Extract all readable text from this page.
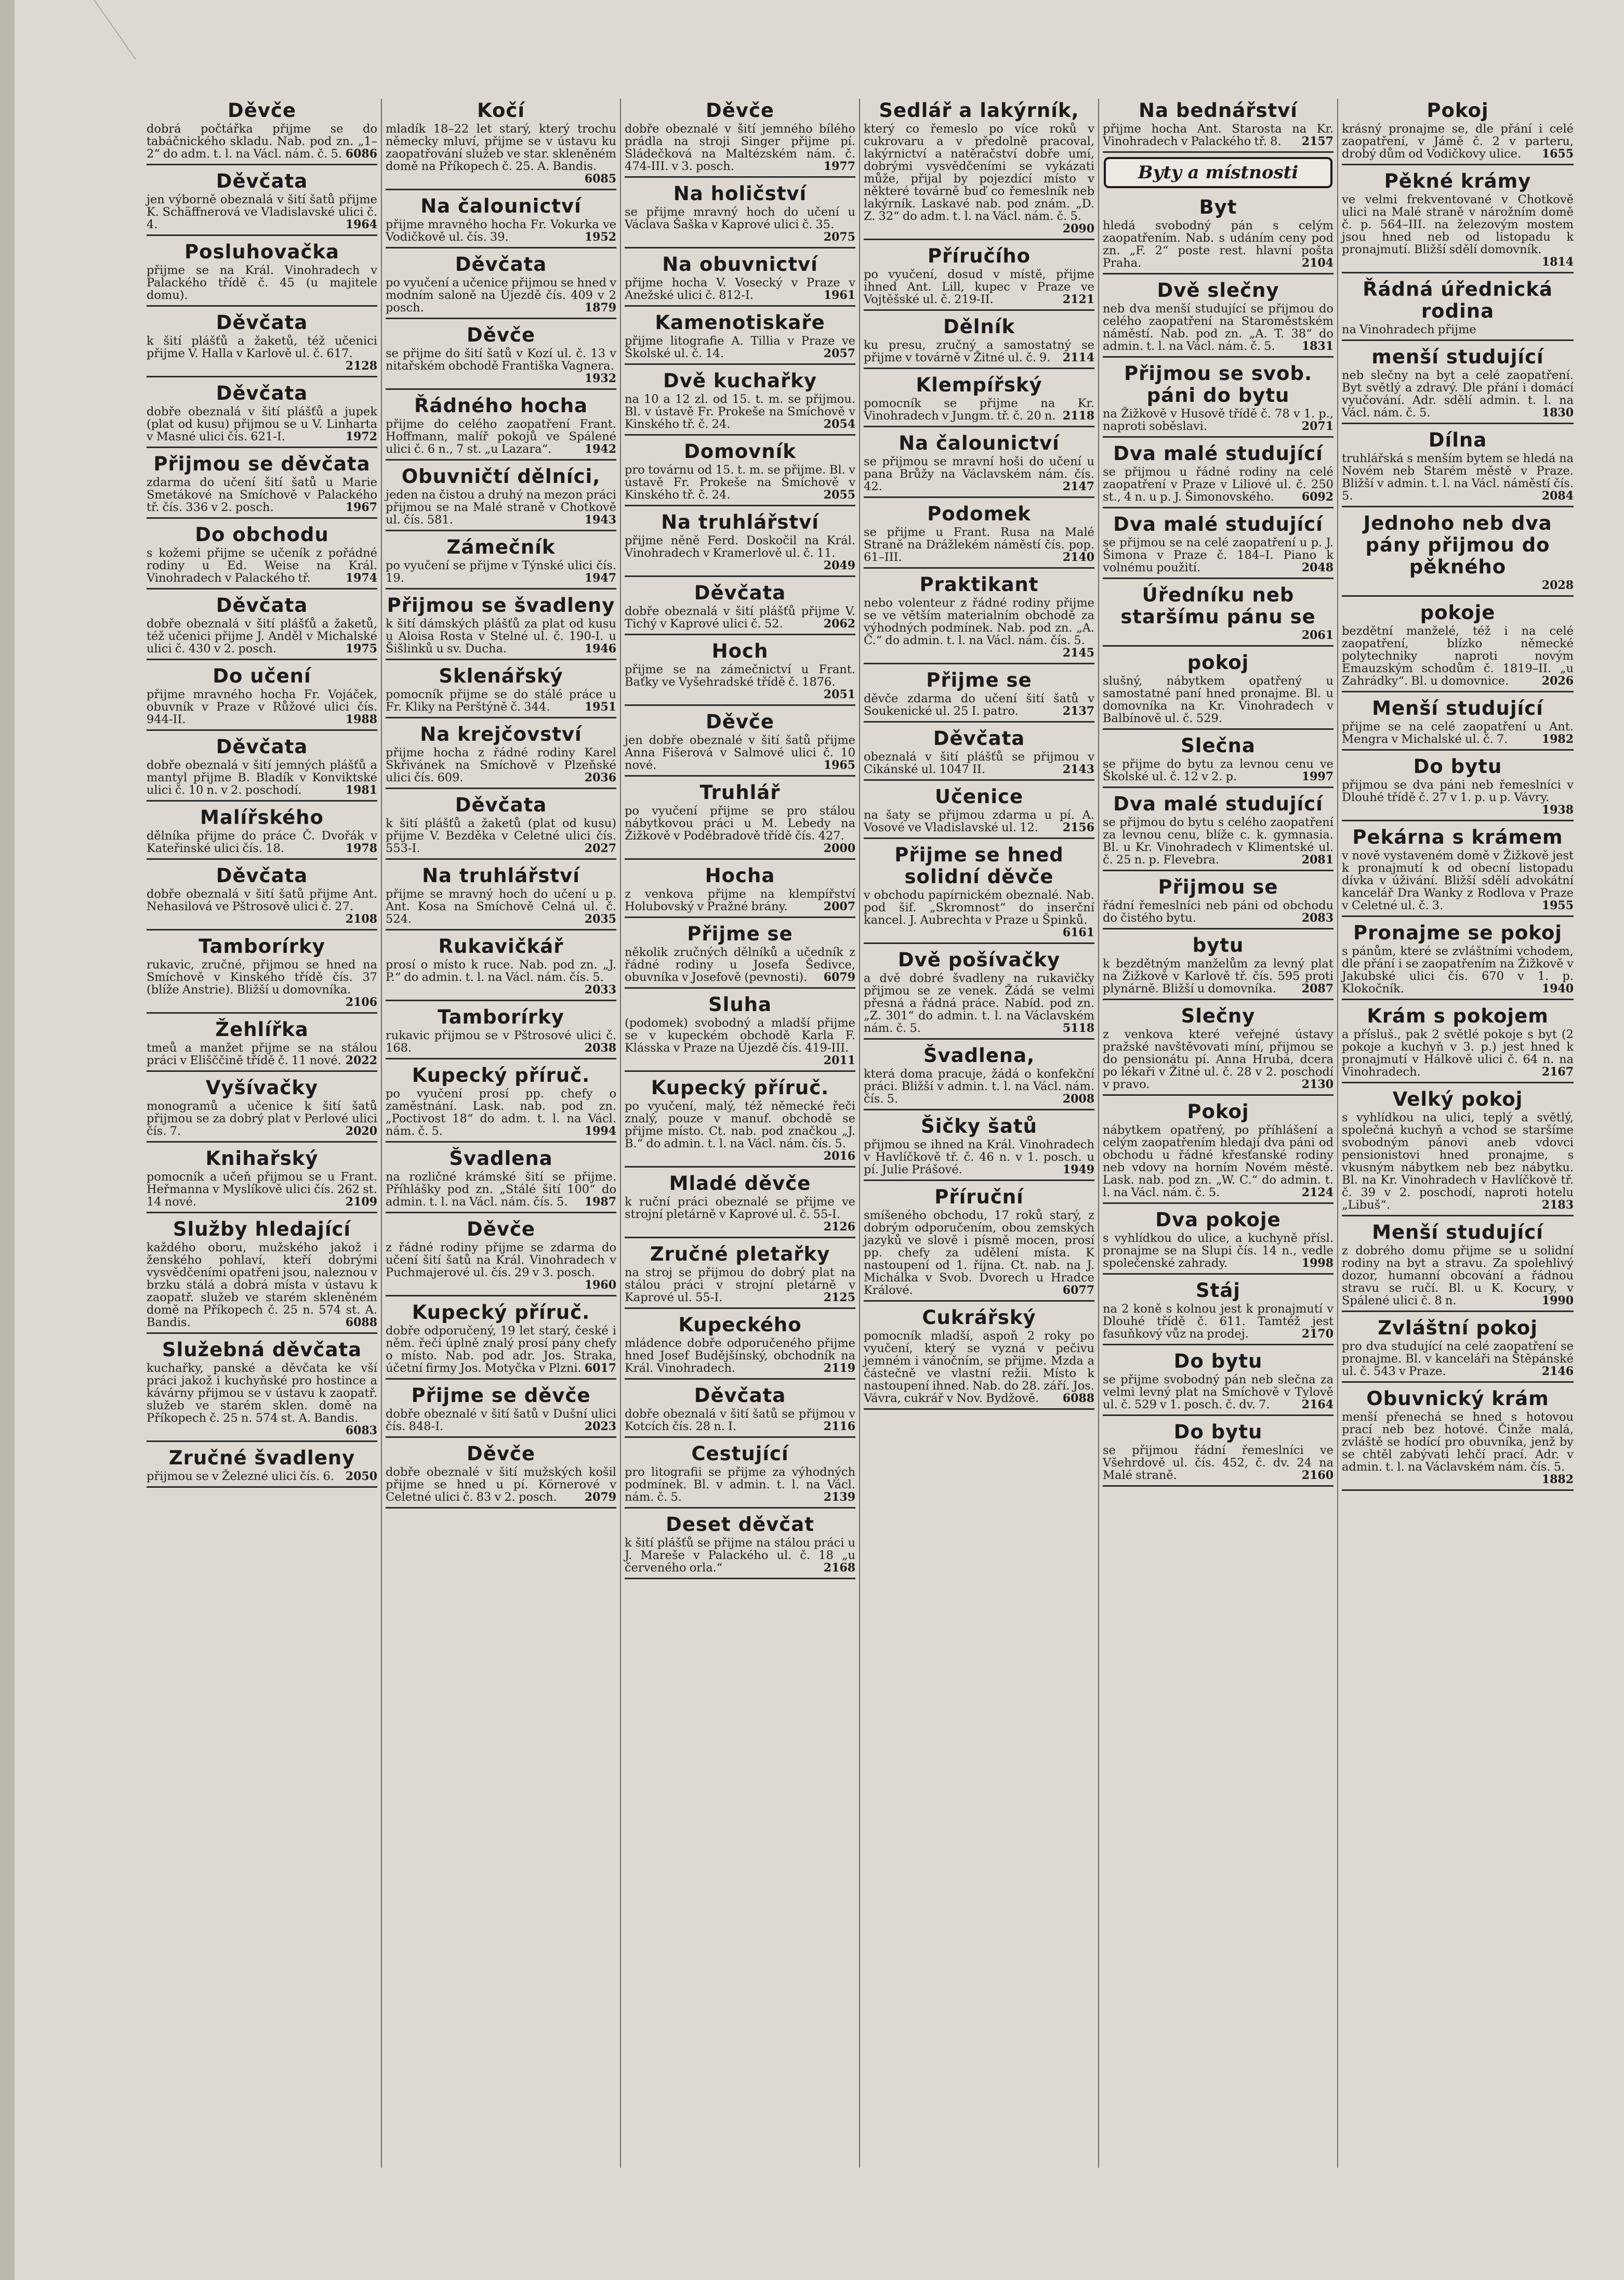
Děvče
dobrá počtářka přijme se do tabáčnického skladu. Nab. pod zn. „1–2“ do adm. t. l. na Václ. nám. č. 5. 6086
Děvčata
jen výborně obeznalá v šití šatů přijme K. Schäffnerová ve Vladislavské ulici č. 4.	1964
Posluhovačka
přijme se na Král. Vinohradech v Palackého třídě č. 45 (u majitele domu).
Děvčata
k šití plášťů a žaketů, též učenici přijme V. Halla v Karlově ul. č. 617.
2128
Děvčata
dobře obeznalá v šití plášťů a jupek (plat od kusu) přijmou se u V. Linharta v Masné ulici čís. 621-I.	1972
Přijmou se děvčata
zdarma do učení šití šatů u Marie Smetákové na Smíchově v Palackého tř. čís. 336 v 2. posch.	1967
Do obchodu
s kožemi přijme se učeník z pořádné rodiny u Ed. Weise na Král. Vinohradech v Palackého tř.	1974
Děvčata
dobře obeznalá v šití plášťů a žaketů, též učenici přijme J. Anděl v Michalské ulici č. 430 v 2. posch.	1975
Do učení
přijme mravného hocha Fr. Vojáček, obuvník v Praze v Růžové ulici čís. 944-II.	1988
Děvčata
dobře obeznalá v šití jemných plášťů a mantyl přijme B. Bladík v Konviktské ulici č. 10 n. v 2. poschodí.	1981
Malířského
dělníka přijme do práce Č. Dvořák v Kateřinské ulici čís. 18.	1978
Děvčata
dobře obeznalá v šití šatů přijme Ant. Nehasilová ve Pštrosově ulici č. 27.
2108
Tamborírky
rukavic, zručné, přijmou se hned na Smíchově v Kinského třídě čís. 37 (blíže Anstrie). Bližší u domovníka.
2106
Žehlířka
tmeů a manžet přijme se na stálou práci v Elišččině třídě č. 11 nové. 2022
Vyšívačky
monogramů a učenice k šití šatů přijmou se za dobrý plat v Perlové ulici čís. 7.	2020
Knihařský
pomocník a učeň přijmou se u Frant. Heřmanna v Myslíkově ulici čís. 262 st. 14 nové.	2109
Služby hledající
každého oboru, mužského jakož i ženského pohlaví, kteří dobrými vysvědčeními opatřeni jsou, naleznou v brzku stálá a dobrá místa v ústavu k zaopatř. služeb ve starém skleněném domě na Příkopech č. 25 n. 574 st. A. Bandis.	6088
Služebná děvčata
kuchařky, panské a děvčata ke vší práci jakož i kuchyňské pro hostince a kávárny přijmou se v ústavu k zaopatř. služeb ve starém sklen. domě na Příkopech č. 25 n. 574 st. A. Bandis.
6083
Zručné švadleny
přijmou se v Železné ulici čís. 6. 2050
Kočí
mladík 18–22 let starý, který trochu německy mluví, přijme se v ústavu ku zaopatřování služeb ve star. skleněném domě na Příkopech č. 25. A. Bandis.
6085
Na čalounictví
přijme mravného hocha Fr. Vokurka ve Vodičkově ul. čís. 39.	1952
Děvčata
po vyučení a učenice přijmou se hned v modním saloně na Újezdě čís. 409 v 2 posch.	1879
Děvče
se přijme do šití šatů v Kozí ul. č. 13 v nitařském obchodě Františka Vagnera.
1932
Řádného hocha
přijme do celého zaopatření Frant. Hoffmann, malíř pokojů ve Spálené ulici č. 6 n., 7 st. „u Lazara“.	1942
Obuvničtí dělníci,
jeden na čistou a druhý na mezon práci přijmou se na Malé straně v Chotkově ul. čís. 581.	1943
Zámečník
po vyučení se přijme v Týnské ulici čís. 19.	1947
Přijmou se švadleny
k šití dámských plášťů za plat od kusu u Aloisa Rosta v Stelné ul. č. 190-I. u Šišlinků u sv. Ducha.	1946
Sklenářský
pomocník přijme se do stálé práce u Fr. Kliky na Perštýně č. 344.	1951
Na krejčovství
přijme hocha z řádné rodiny Karel Skřivánek na Smíchově v Plzeňské ulici čís. 609.	2036
Děvčata
k šití plášťů a žaketů (plat od kusu) přijme V. Bezděka v Celetné ulici čís. 553-I.	2027
Na truhlářství
přijme se mravný hoch do učení u p. Ant. Kosa na Smíchově Celná ul. č. 524.	2035
Rukavičkář
prosí o místo k ruce. Nab. pod zn. „J. P.“ do admin. t. l. na Václ. nám. čís. 5.
2033
Tamborírky
rukavic přijmou se v Pštrosové ulici č. 168.	2038
Kupecký příruč.
po vyučení prosí pp. chefy o zaměstnání. Lask. nab. pod zn. „Poctivost 18“ do adm. t. l. na Václ. nám. č. 5.	1994
Švadlena
na rozličné krámské šití se přijme. Příhlášky pod zn. „Stálé šití 100“ do admin. t. l. na Václ. nám. čís. 5. 1987
Děvče
z řádné rodiny přijme se zdarma do učení šití šatů na Král. Vinohradech v Puchmajerové ul. čís. 29 v 3. posch.
1960
Kupecký příruč.
dobře odporučený, 19 let starý, české i něm. řeči úplně znalý prosí pány chefy o místo. Nab. pod adr. Jos. Straka, účetní firmy Jos. Motyčka v Plzni. 6017
Přijme se děvče
dobře obeznalé v šití šatů v Dušní ulici čís. 848-I.	2023
Děvče
dobře obeznalé v šití mužských košil přijme se hned u pí. Körnerové v Celetné ulici č. 83 v 2. posch. 2079
Děvče
dobře obeznalé v šití jemného bílého prádla na stroji Singer přijme pí. Sládečková na Maltézském nám. č. 474-III. v 3. posch.	1977
Na holičství
se přijme mravný hoch do učení u Václava Šaška v Kaprové ulici č. 35.
2075
Na obuvnictví
přijme hocha V. Vosecký v Praze v Anežské ulici č. 812-I.	1961
Kamenotiskaře
přijme litografie A. Tillia v Praze ve Školské ul. č. 14.	2057
Dvě kuchařky
na 10 a 12 zl. od 15. t. m. se přijmou. Bl. v ústavě Fr. Prokeše na Smíchově v Kinského tř. č. 24.	2054
Domovník
pro továrnu od 15. t. m. se přijme. Bl. v ústavě Fr. Prokeše na Smíchově v Kinského tř. č. 24.	2055
Na truhlářství
přijme něně Ferd. Doskočil na Král. Vinohradech v Kramerlově ul. č. 11.
2049
Děvčata
dobře obeznalá v šití plášťů přijme V. Tichý v Kaprové ulici č. 52.	2062
Hoch
přijme se na zámečnictví u Frant. Baťky ve Vyšehradské třídě č. 1876.
2051
Děvče
jen dobře obeznalé v šití šatů přijme Anna Fišerová v Salmové ulici č. 10 nové.	1965
Truhlář
po vyučení přijme se pro stálou nábytkovou práci u M. Lebedy na Žižkově v Poděbradově třídě čís. 427.
2000
Hocha
z venkova přijme na klempířství Holubovský v Pražné brány.	2007
Přijme se
několik zručných dělníků a učedník z řádné rodiny u Josefa Šedivce, obuvníka v Josefově (pevnosti). 6079
Sluha
(podomek) svobodný a mladší přijme se v kupeckém obchodě Karla F. Klásska v Praze na Újezdě čís. 419-III.
2011
Kupecký příruč.
po vyučení, malý, též německé řeči znalý, pouze v manuf. obchodě se přijme místo. Ct. nab. pod značkou „J. B.“ do admin. t. l. na Václ. nám. čís. 5.
2016
Mladé děvče
k ruční práci obeznalé se přijme ve strojní pletárně v Kaprové ul. č. 55-I.
2126
Zručné pletařky
na stroj se přijmou do dobrý plat na stálou práci v strojní pletárně v Kaprové ul. 55-I.	2125
Kupeckého
mládence dobře odporučeného přijme hned Josef Budějšínský, obchodník na Král. Vinohradech.	2119
Děvčata
dobře obeznalá v šití šatů se přijmou v Kotcích čís. 28 n. I.	2116
Cestující
pro litografii se přijme za výhodných podmínek. Bl. v admin. t. l. na Václ. nám. č. 5.	2139
Deset děvčat
k šití plášťů se přijme na stálou práci u J. Mareše v Palackého ul. č. 18 „u červeného orla.“	2168
Sedlář a lakýrník,
který co řemeslo po více roků v cukrovaru a v předolně pracoval, lakýrnictví a natěračství dobře umí, dobrými vysvědčeními se vykázati může, přijal by pojezdící místo v některé továrně buď co řemeslník neb lakýrník. Laskavé nab. pod znám. „D. Z. 32“ do adm. t. l. na Václ. nám. č. 5.
2090
Příručího
po vyučení, dosud v místě, přijme ihned Ant. Lill, kupec v Praze ve Vojtěšské ul. č. 219-II.	2121
Dělník
ku presu, zručný a samostatný se přijme v továrně v Žitné ul. č. 9. 2114
Klempířský
pomocník se přijme na Kr. Vinohradech v Jungm. tř. č. 20 n. 2118
Na čalounictví
se přijmou se mravní hoši do učení u pana Brůžy na Václavském nám. čís. 42.	2147
Podomek
se přijme u Frant. Rusa na Malé Straně na Drážlekém náměstí čís. pop. 61–III.	2140
Praktikant
nebo volenteur z řádné rodiny přijme se ve větším materialním obchodě za výhodných podmínek. Nab. pod zn. „A. Č.“ do admin. t. l. na Václ. nám. čís. 5.
2145
Přijme se
děvče zdarma do učení šití šatů v Soukenické ul. 25 I. patro.	2137
Děvčata
obeznalá v šití plášťů se přijmou v Cikánské ul. 1047 II.	2143
Učenice
na šaty se přijmou zdarma u pí. A. Vosové ve Vladislavské ul. 12. 2156
Přijme se hned solidní děvče
v obchodu papírnickém obeznalé. Nab. pod šif. „Skromnost“ do inserční kancel. J. Aubrechta v Praze u Špinků.
6161
Dvě pošívačky
a dvě dobré švadleny na rukavičky přijmou se ze venek. Žádá se velmi přesná a řádná práce. Nabíd. pod zn. „Z. 301“ do admin. t. l. na Václavském nám. č. 5.	5118
Švadlena,
která doma pracuje, žádá o konfekční práci. Bližší v admin. t. l. na Václ. nám. čís. 5.	2008
Šičky šatů
přijmou se ihned na Král. Vinohradech v Havlíčkově tř. č. 46 n. v 1. posch. u pí. Julie Prášové.	1949
Příruční
smíšeného obchodu, 17 roků starý, z dobrým odporučením, obou zemských jazyků ve slově i písmě mocen, prosí pp. chefy za udělení místa. K nastoupení od 1. října. Ct. nab. na J. Michálka v Svob. Dvorech u Hradce Králové.	6077
Cukrářský
pomocník mladší, aspoň 2 roky po vyučení, který se vyzná v pečivu jemném i vánočním, se přijme. Mzda a částečně ve vlastní režii. Místo k nastoupení ihned. Nab. do 28. září. Jos. Vávra, cukrář v Nov. Bydžově. 6088
Na bednářství
přijme hocha Ant. Starosta na Kr. Vinohradech v Palackého tř. 8. 2157
Byty a místnosti
Byt
hledá svobodný pán s celým zaopatřením. Nab. s udáním ceny pod zn. „F. 2“ poste rest. hlavní pošta Praha.	2104
Dvě slečny
neb dva menší studující se přijmou do celého zaopatření na Staroměstském náměstí. Nab. pod zn. „A. T. 38“ do admin. t. l. na Václ. nám. č. 5. 1831
Přijmou se svob. páni do bytu
na Žižkově v Husově třídě č. 78 v 1. p., naproti soběslavi.	2071
Dva malé studující
se přijmou u řádné rodiny na celé zaopatření v Praze v Liliové ul. č. 250 st., 4 n. u p. J. Šimonovského. 6092
Dva malé studující
se přijmou se na celé zaopatření u p. J. Šimona v Praze č. 184–I. Piano k volnému použití.	2048
Úředníku neb staršímu pánu se
2061
pokoj
slušný, nábytkem opatřený u samostatné paní hned pronajme. Bl. u domovníka na Kr. Vinohradech v Balbínově ul. č. 529.
Slečna
se přijme do bytu za levnou cenu ve Školské ul. č. 12 v 2. p.	1997
Dva malé studující
se přijmou do bytu s celého zaopatření za levnou cenu, blíže c. k. gymnasia. Bl. u Kr. Vinohradech v Klimentské ul. č. 25 n. p. Flevebra.	2081
Přijmou se
řádní řemeslníci neb páni od obchodu do čistého bytu.	2083
bytu
k bezdětným manželům za levný plat na Žižkově v Karlově tř. čís. 595 proti plynárně. Bližší u domovníka. 2087
Slečny
z venkova které veřejné ústavy pražské navštěvovati míní, přijmou se do pensionátu pí. Anna Hrubá, dcera po lékaři v Žitné ul. č. 28 v 2. poschodí v pravo.	2130
Pokoj
nábytkem opatřený, po příhlášení a celým zaopatřením hledají dva páni od obchodu u řádné křesťanské rodiny neb vdovy na horním Novém městě. Lask. nab. pod zn. „W. C.“ do admin. t. l. na Václ. nám. č. 5.	2124
Dva pokoje
s vyhlídkou do ulice, a kuchyně přísl. pronajme se na Slupi čís. 14 n., vedle společenské zahrady.	1998
Stáj
na 2 koně s kolnou jest k pronajmutí v Dlouhé třídě č. 611. Tamtéž jest fasuňkový vůz na prodej.	2170
Do bytu
se přijme svobodný pán neb slečna za velmi levný plat na Smíchově v Tylově ul. č. 529 v 1. posch. č. dv. 7.	2164
Do bytu
se přijmou řádní řemeslníci ve Všehrdově ul. čís. 452, č. dv. 24 na Malé straně.	2160
Pokoj
krásný pronajme se, dle přání i celé zaopatření, v Jámě č. 2 v parteru, drobý dům od Vodičkovy ulice. 1655
Pěkné krámy
ve velmi frekventované v Chotkově ulici na Malé straně v nárožním domě č. p. 564–III. na železovým mostem jsou hned neb od listopadu k pronajmutí. Bližší sdělí domovník.
1814
Řádná úřednická rodina
na Vinohradech přijme
menší studující
neb slečny na byt a celé zaopatření. Byt světlý a zdravý. Dle přání i domácí vyučování. Adr. sdělí admin. t. l. na Václ. nám. č. 5.	1830
Dílna
truhlářská s menším bytem se hledá na Novém neb Starém městě v Praze. Bližší v admin. t. l. na Václ. náměstí čís. 5.	2084
Jednoho neb dva pány přijmou do pěkného
2028
pokoje
bezdětní manželé, též i na celé zaopatření, blízko německé polytechniky naproti novým Emauzským schodům č. 1819–II. „u Zahrádky“. Bl. u domovnice.	2026
Menší studující
přijme se na celé zaopatření u Ant. Mengra v Michalské ul. č. 7.	1982
Do bytu
přijmou se dva páni neb řemeslníci v Dlouhé třídě č. 27 v 1. p. u p. Vávry.
1938
Pekárna s krámem
v nově vystaveném domě v Žižkově jest k pronajmutí k od obecní listopadu dívka v úživání. Bližší sdělí advokátní kancelář Dra Wanky z Rodlova v Praze v Celetné ul. č. 3.	1955
Pronajme se pokoj
s pánům, které se zvláštními vchodem, dle přání i se zaopatřením na Žižkově v Jakubské ulici čís. 670 v 1. p. Klokočník.	1940
Krám s pokojem
a přísluš., pak 2 světlé pokoje s byt (2 pokoje a kuchyň v 3. p.) jest hned k pronajmutí v Hálkově ulici č. 64 n. na Vinohradech.	2167
Velký pokoj
s vyhlídkou na ulici, teplý a světlý, společná kuchyň a vchod se staršíme svobodným pánovi aneb vdovci pensionistovi hned pronajme, s vkusným nábytkem neb bez nábytku. Bl. na Kr. Vinohradech v Havlíčkově tř. č. 39 v 2. poschodí, naproti hotelu „Libuš“.	2183
Menší studující
z dobrého domu přijme se u solidní rodiny na byt a stravu. Za spolehlivý dozor, humanní obcování a řádnou stravu se ručí. Bl. u K. Kocury, v Spálené ulici č. 8 n.	1990
Zvláštní pokoj
pro dva studující na celé zaopatření se pronajme. Bl. v kanceláři na Štěpánské ul. č. 543 v Praze.	2146
Obuvnický krám
menší přenechá se hned s hotovou prací neb bez hotové. Činže malá, zvláště se hodící pro obuvníka, jenž by se chtěl zabývati lehčí prací. Adr. v admin. t. l. na Václavském nám. čís. 5.
1882
